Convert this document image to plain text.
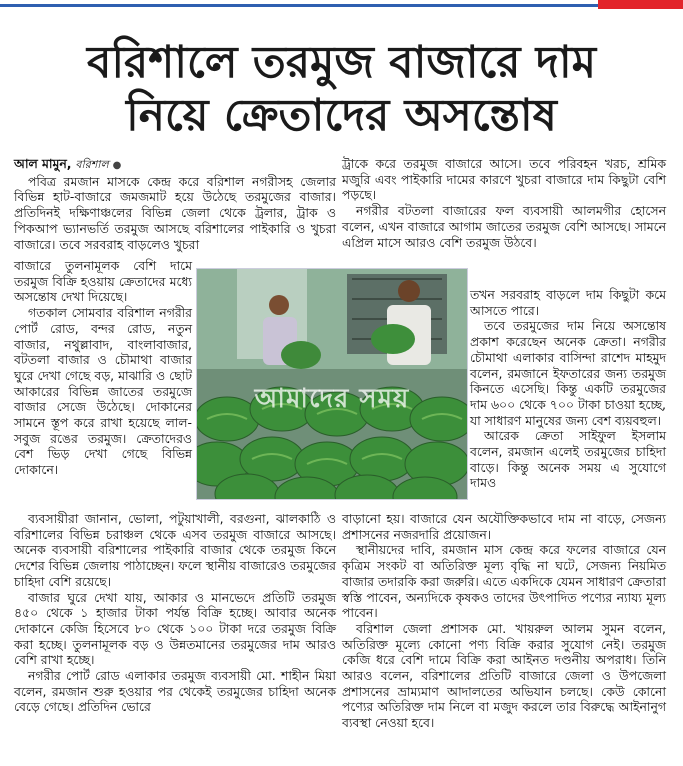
বরিশালে তরমুজ বাজারে দাম
নিয়ে ক্রেতাদের অসন্তোষ

আল মামুন, বরিশাল ●

পবিত্র রমজান মাসকে কেন্দ্র করে বরিশাল নগরীসহ জেলার বিভিন্ন হাট-বাজারে জমজমাট হয়ে উঠেছে তরমুজের বাজার। প্রতিদিনই দক্ষিণাঞ্চলের বিভিন্ন জেলা থেকে ট্রলার, ট্রাক ও পিকআপ ভ্যানভর্তি তরমুজ আসছে বরিশালের পাইকারি ও খুচরা বাজারে। তবে সরবরাহ বাড়লেও খুচরা

বাজারে তুলনামূলক বেশি দামে তরমুজ বিক্রি হওয়ায় ক্রেতাদের মধ্যে অসন্তোষ দেখা দিয়েছে।

গতকাল সোমবার বরিশাল নগরীর পোর্ট রোড, বন্দর রোড, নতুন বাজার, নথুল্লাবাদ, বাংলাবাজার, বটতলা বাজার ও চৌমাথা বাজার ঘুরে দেখা গেছে বড়, মাঝারি ও ছোট আকারের বিভিন্ন জাতের তরমুজে বাজার সেজে উঠেছে। দোকানের সামনে স্তূপ করে রাখা হয়েছে লাল-সবুজ রঙের তরমুজ। ক্রেতাদেরও বেশ ভিড় দেখা গেছে বিভিন্ন দোকানে।

আমাদের সময়

ব্যবসায়ীরা জানান, ভোলা, পটুয়াখালী, বরগুনা, ঝালকাঠি ও বরিশালের বিভিন্ন চরাঞ্চল থেকে এসব তরমুজ বাজারে আসছে। অনেক ব্যবসায়ী বরিশালের পাইকারি বাজার থেকে তরমুজ কিনে দেশের বিভিন্ন জেলায় পাঠাচ্ছেন। ফলে স্থানীয় বাজারেও তরমুজের চাহিদা বেশি রয়েছে।

বাজার ঘুরে দেখা যায়, আকার ও মানভেদে প্রতিটি তরমুজ ৪৫০ থেকে ১ হাজার টাকা পর্যন্ত বিক্রি হচ্ছে। আবার অনেক দোকানে কেজি হিসেবে ৮০ থেকে ১০০ টাকা দরে তরমুজ বিক্রি করা হচ্ছে। তুলনামূলক বড় ও উন্নতমানের তরমুজের দাম আরও বেশি রাখা হচ্ছে।

নগরীর পোর্ট রোড এলাকার তরমুজ ব্যবসায়ী মো. শাহীন মিয়া বলেন, রমজান শুরু হওয়ার পর থেকেই তরমুজের চাহিদা অনেক বেড়ে গেছে। প্রতিদিন ভোরে

ট্রাকে করে তরমুজ বাজারে আসে। তবে পরিবহন খরচ, শ্রমিক মজুরি এবং পাইকারি দামের কারণে খুচরা বাজারে দাম কিছুটা বেশি পড়ছে।

নগরীর বটতলা বাজারের ফল ব্যবসায়ী আলমগীর হোসেন বলেন, এখন বাজারে আগাম জাতের তরমুজ বেশি আসছে। সামনে এপ্রিল মাসে আরও বেশি তরমুজ উঠবে।

তখন সরবরাহ বাড়লে দাম কিছুটা কমে আসতে পারে।

তবে তরমুজের দাম নিয়ে অসন্তোষ প্রকাশ করেছেন অনেক ক্রেতা। নগরীর চৌমাথা এলাকার বাসিন্দা রাশেদ মাহমুদ বলেন, রমজানে ইফতারের জন্য তরমুজ কিনতে এসেছি। কিন্তু একটি তরমুজের দাম ৬০০ থেকে ৭০০ টাকা চাওয়া হচ্ছে, যা সাধারণ মানুষের জন্য বেশ ব্যয়বহুল।

আরেক ক্রেতা সাইফুল ইসলাম বলেন, রমজান এলেই তরমুজের চাহিদা বাড়ে। কিন্তু অনেক সময় এ সুযোগে দামও

বাড়ানো হয়। বাজারে যেন অযৌক্তিকভাবে দাম না বাড়ে, সেজন্য প্রশাসনের নজরদারি প্রয়োজন।

স্থানীয়দের দাবি, রমজান মাস কেন্দ্র করে ফলের বাজারে যেন কৃত্রিম সংকট বা অতিরিক্ত মূল্য বৃদ্ধি না ঘটে, সেজন্য নিয়মিত বাজার তদারকি করা জরুরি। এতে একদিকে যেমন সাধারণ ক্রেতারা স্বস্তি পাবেন, অন্যদিকে কৃষকও তাদের উৎপাদিত পণ্যের ন্যায্য মূল্য পাবেন।

বরিশাল জেলা প্রশাসক মো. খায়রুল আলম সুমন বলেন, অতিরিক্ত মূল্যে কোনো পণ্য বিক্রি করার সুযোগ নেই। তরমুজ কেজি ধরে বেশি দামে বিক্রি করা আইনত দণ্ডনীয় অপরাধ। তিনি আরও বলেন, বরিশালের প্রতিটি বাজারে জেলা ও উপজেলা প্রশাসনের ভ্রাম্যমাণ আদালতের অভিযান চলছে। কেউ কোনো পণ্যের অতিরিক্ত দাম নিলে বা মজুদ করলে তার বিরুদ্ধে আইনানুগ ব্যবস্থা নেওয়া হবে।
